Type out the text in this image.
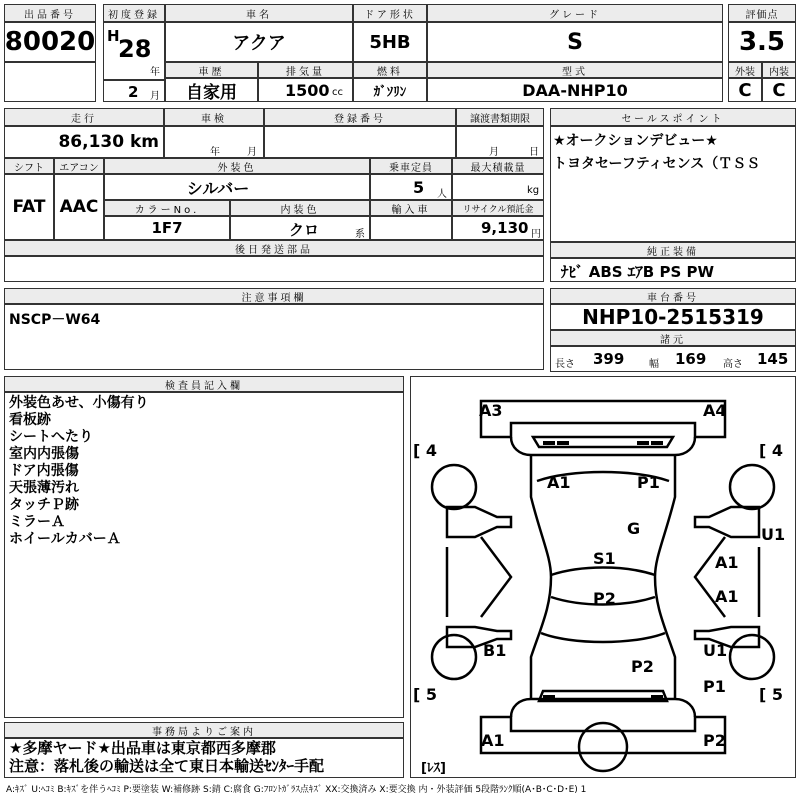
出品番号
80020
初度登録
H
28
年
2 月
車名
アクア
車歴
自家用
排気量
1500 cc
ドア形状
5HB
燃料
ｶﾞｿﾘﾝ
グレード
S
型式
DAA-NHP10
評価点
3.5
外装	内装
C	C
走行
86,130 km
車検
年	月
登録番号	譲渡書類期限
月	日
シフト	エアコン
FAT AAC
外装色
シルバー
乗車定員
5 人
最大積載量
kg
カラーNo.
1F7
内装色
クロ	系
輸入車	リサイクル預託金
9,130 円
後日発送部品
セールスポイント
★オークションデビュー★
トヨタセーフティセンス（ＴＳＳ
純正装備
ﾅﾋﾞ ABS ｴｱB PS PW
注意事項欄
NSCP－W64
車台番号
NHP10-2515319
諸元
長さ 399 幅 169 高さ 145
検査員記入欄
外装色あせ、小傷有り
看板跡
シートへたり
室内内張傷
ドア内張傷
天張薄汚れ
タッチＰ跡
ミラーＡ
ホイールカバーＡ
事務局よりご案内
★多摩ヤード★出品車は東京都西多摩郡
注意：落札後の輸送は全て東日本輸送ｾﾝﾀｰ手配
A3	A4
A1	P1
G
S1
P2
U1
A1
A1
B1	U1
P2
P1
A1	P2
[ 4	[ 4
[ 5	[ 5
[ﾚｽ]
A:ｷｽﾞ U:ﾍｺﾐ B:ｷｽﾞを伴うﾍｺﾐ P:要塗装 W:補修跡 S:錆 C:腐食 G:ﾌﾛﾝﾄｶﾞﾗｽ点ｷｽﾞ XX:交換済み X:要交換 内・外装評価 5段階ﾗﾝｸ順(A･B･C･D･E) 1
